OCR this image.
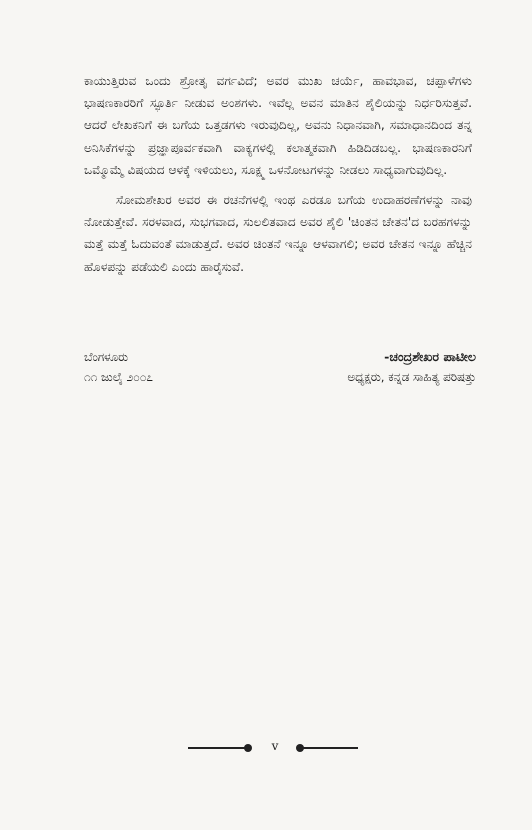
ಕಾಯುತ್ತಿರುವ ಒಂದು ಶ್ರೋತೃ ವರ್ಗವಿದೆ; ಅವರ ಮುಖ ಚರ್ಯೆ, ಹಾವಭಾವ, ಚಪ್ಪಾಳೆಗಳು ಭಾಷಣಕಾರರಿಗೆ ಸ್ಫೂರ್ತಿ ನೀಡುವ ಅಂಶಗಳು. ಇವೆಲ್ಲ ಅವನ ಮಾತಿನ ಶೈಲಿಯನ್ನು ನಿರ್ಧರಿಸುತ್ತವೆ. ಆದರೆ ಲೇಖಕನಿಗೆ ಈ ಬಗೆಯ ಒತ್ತಡಗಳು ಇರುವುದಿಲ್ಲ, ಅವನು ನಿಧಾನವಾಗಿ, ಸಮಾಧಾನದಿಂದ ತನ್ನ ಅನಿಸಿಕೆಗಳನ್ನು ಪ್ರಜ್ಞಾಪೂರ್ವಕವಾಗಿ ವಾಕ್ಯಗಳಲ್ಲಿ ಕಲಾತ್ಮಕವಾಗಿ ಹಿಡಿದಿಡಬಲ್ಲ. ಭಾಷಣಕಾರನಿಗೆ ಒಮ್ಮೊಮ್ಮೆ ವಿಷಯದ ಆಳಕ್ಕೆ ಇಳಿಯಲು, ಸೂಕ್ಷ್ಮ ಒಳನೋಟಗಳನ್ನು ನೀಡಲು ಸಾಧ್ಯವಾಗುವುದಿಲ್ಲ.

ಸೋಮಶೇಖರ ಅವರ ಈ ರಚನೆಗಳಲ್ಲಿ ಇಂಥ ಎರಡೂ ಬಗೆಯ ಉದಾಹರಣೆಗಳನ್ನು ನಾವು ನೋಡುತ್ತೇವೆ. ಸರಳವಾದ, ಸುಭಗವಾದ, ಸುಲಲಿತವಾದ ಅವರ ಶೈಲಿ 'ಚಿಂತನ ಚೇತನ'ದ ಬರಹಗಳನ್ನು ಮತ್ತೆ ಮತ್ತೆ ಓದುವಂತೆ ಮಾಡುತ್ತದೆ. ಅವರ ಚಿಂತನೆ ಇನ್ನೂ ಆಳವಾಗಲಿ; ಅವರ ಚೇತನ ಇನ್ನೂ ಹೆಚ್ಚಿನ ಹೊಳಪನ್ನು ಪಡೆಯಲಿ ಎಂದು ಹಾರೈಸುವೆ.

ಬೆಂಗಳೂರು	-ಚಂದ್ರಶೇಖರ ಪಾಟೀಲ
೧೧ ಜುಲೈ ೨೦೦೭	ಅಧ್ಯಕ್ಷರು, ಕನ್ನಡ ಸಾಹಿತ್ಯ ಪರಿಷತ್ತು
v
